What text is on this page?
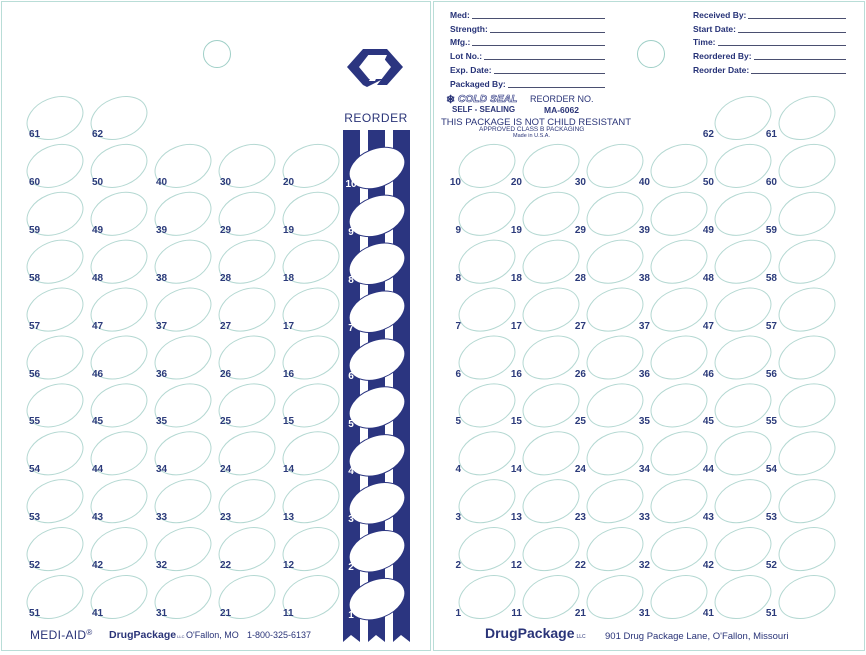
REORDER
Med:
Strength:
Mfg.:
Lot No.:
Exp. Date:
Packaged By:
Received By:
Start Date:
Time:
Reordered By:
Reorder Date:
❄ COLD SEAL
SELF - SEALING
REORDER NO.
MA-6062
THIS PACKAGE IS NOT CHILD RESISTANT
APPROVED CLASS B PACKAGING
Made in U.S.A.
61
60
59
58
57
56
55
54
53
52
51
62
50
49
48
47
46
45
44
43
42
41
40
39
38
37
36
35
34
33
32
31
30
29
28
27
26
25
24
23
22
21
20
19
18
17
16
15
14
13
12
11
10
9
8
7
6
5
4
3
2
1
20
19
18
17
16
15
14
13
12
11
30
29
28
27
26
25
24
23
22
21
40
39
38
37
36
35
34
33
32
31
62
50
49
48
47
46
45
44
43
42
41
61
60
59
58
57
56
55
54
53
52
51
10
9
8
7
6
5
4
3
2
1
MEDI-AID® DrugPackageLLC O'Fallon, MO 1-800-325-6137	DrugPackage LLC 901 Drug Package Lane, O'Fallon, Missouri
